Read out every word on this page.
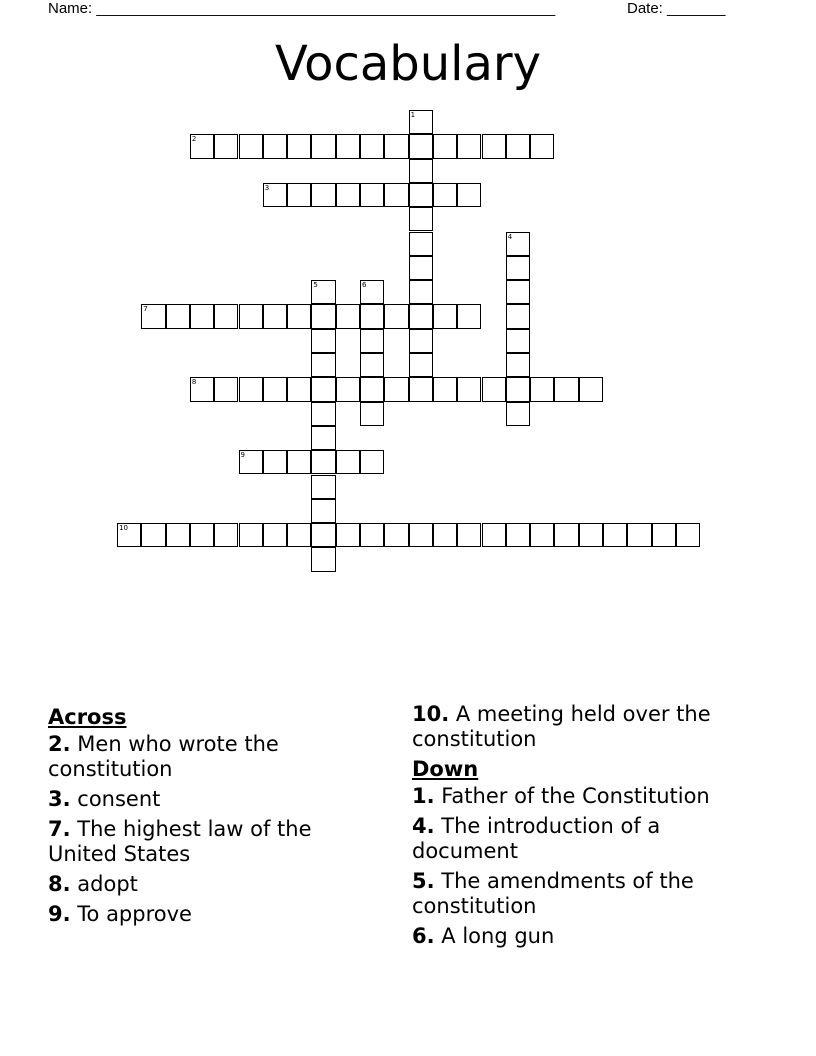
Name: _______________________________________________________	Date: _______
Vocabulary
1
2
3
4
5	6
7
8
9
10
Across
2. Men who wrote the constitution
3. consent
7. The highest law of the United States
8. adopt
9. To approve
10. A meeting held over the constitution
Down
1. Father of the Constitution
4. The introduction of a document
5. The amendments of the constitution
6. A long gun
